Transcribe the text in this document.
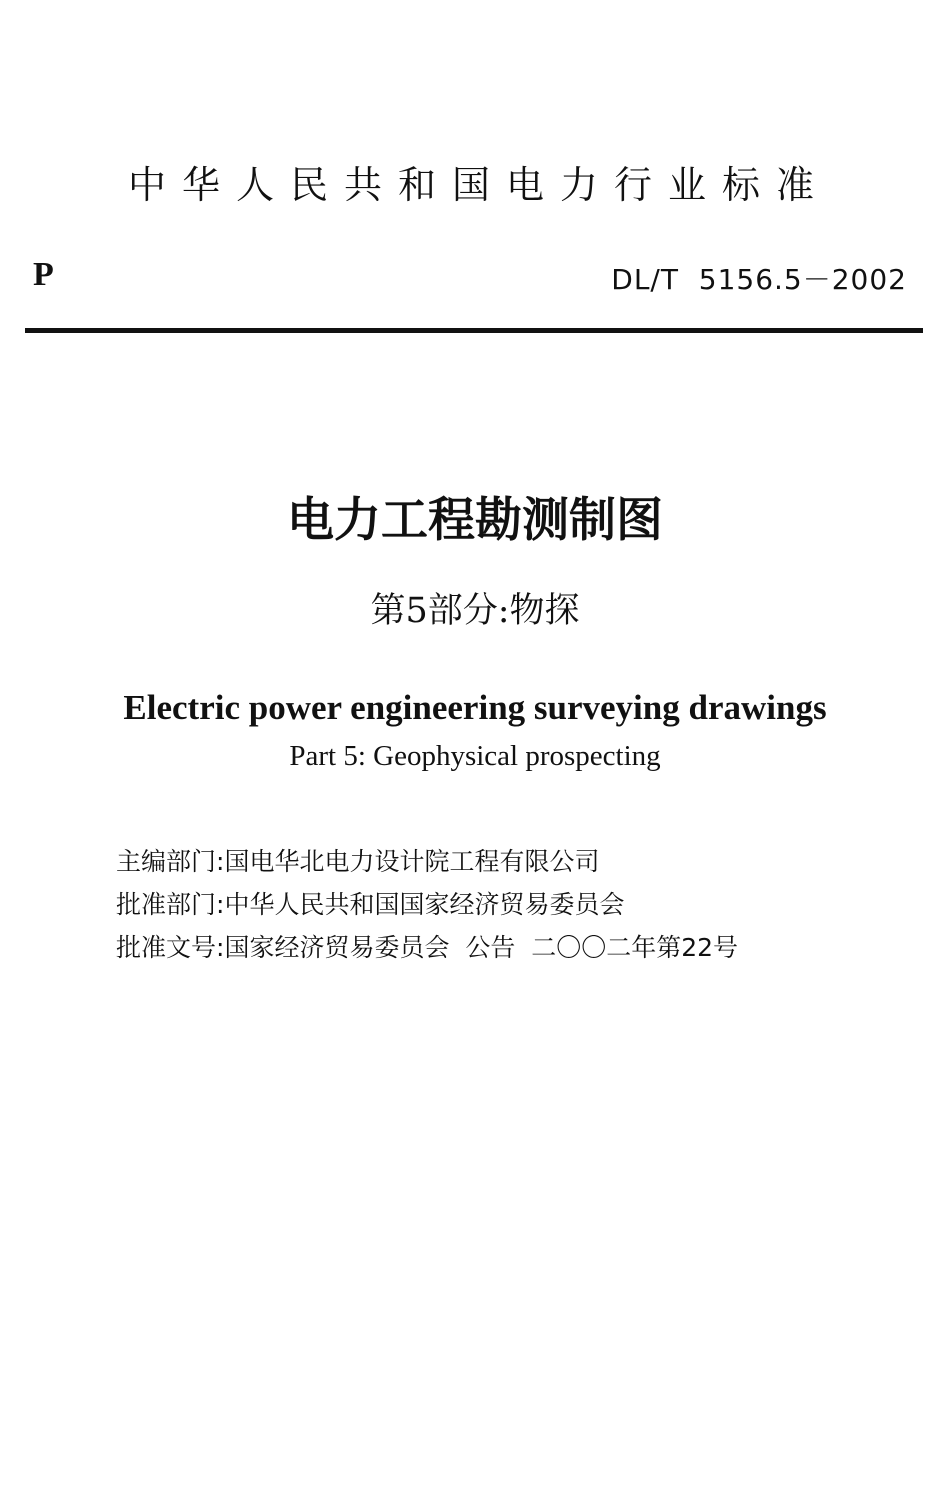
中华人民共和国电力行业标准
P	DL/T  5156.5－2002
电力工程勘测制图
第5部分:物探
Electric power engineering surveying drawings
Part 5: Geophysical prospecting
主编部门:国电华北电力设计院工程有限公司
批准部门:中华人民共和国国家经济贸易委员会
批准文号:国家经济贸易委员会  公告  二〇〇二年第22号
